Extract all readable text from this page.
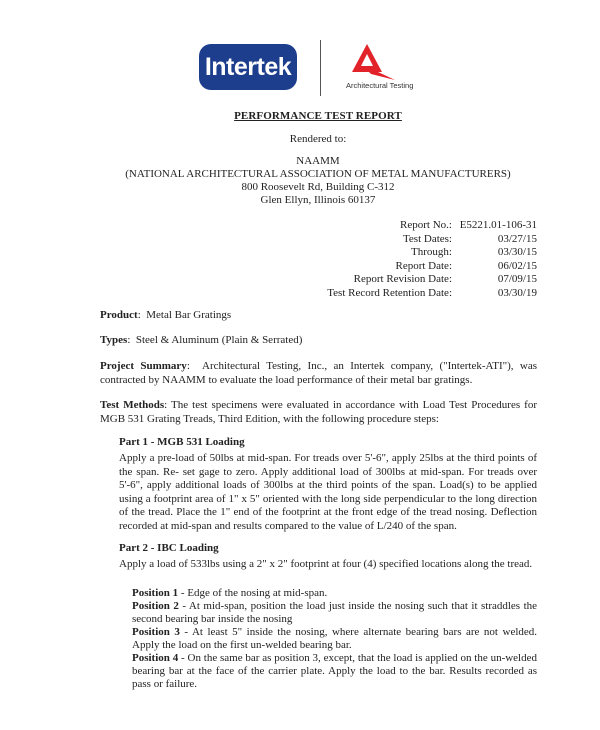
Intertek
Architectural Testing
PERFORMANCE TEST REPORT
Rendered to:
NAAMM
(NATIONAL ARCHITECTURAL ASSOCIATION OF METAL MANUFACTURERS)
800 Roosevelt Rd, Building C-312
Glen Ellyn, Illinois 60137
Report No.:
Test Dates:
Through:
Report Date:
Report Revision Date:
Test Record Retention Date:
E5221.01-106-31
03/27/15
03/30/15
06/02/15
07/09/15
03/30/19
Product:  Metal Bar Gratings
Types:  Steel & Aluminum (Plain & Serrated)
Project Summary:  Architectural Testing, Inc., an Intertek company, ("Intertek-ATI"), was contracted by NAAMM to evaluate the load performance of their metal bar gratings.
Test Methods: The test specimens were evaluated in accordance with Load Test Procedures for MGB 531 Grating Treads, Third Edition, with the following procedure steps:
Part 1 - MGB 531 Loading
Apply a pre-load of 50lbs at mid-span. For treads over 5'-6", apply 25lbs at the third points of the span. Re- set gage to zero. Apply additional load of 300lbs at mid-span. For treads over 5'-6", apply additional loads of 300lbs at the third points of the span. Load(s) to be applied using a footprint area of 1" x 5" oriented with the long side perpendicular to the long direction of the tread. Place the 1" end of the footprint at the front edge of the tread nosing. Deflection recorded at mid-span and results compared to the value of L/240 of the span.
Part 2 - IBC Loading
Apply a load of 533lbs using a 2" x 2" footprint at four (4) specified locations along the tread.
Position 1 - Edge of the nosing at mid-span.
Position 2 - At mid-span, position the load just inside the nosing such that it straddles the second bearing bar inside the nosing
Position 3 - At least 5" inside the nosing, where alternate bearing bars are not welded. Apply the load on the first un-welded bearing bar.
Position 4 - On the same bar as position 3, except, that the load is applied on the un-welded bearing bar at the face of the carrier plate. Apply the load to the bar. Results recorded as pass or failure.
